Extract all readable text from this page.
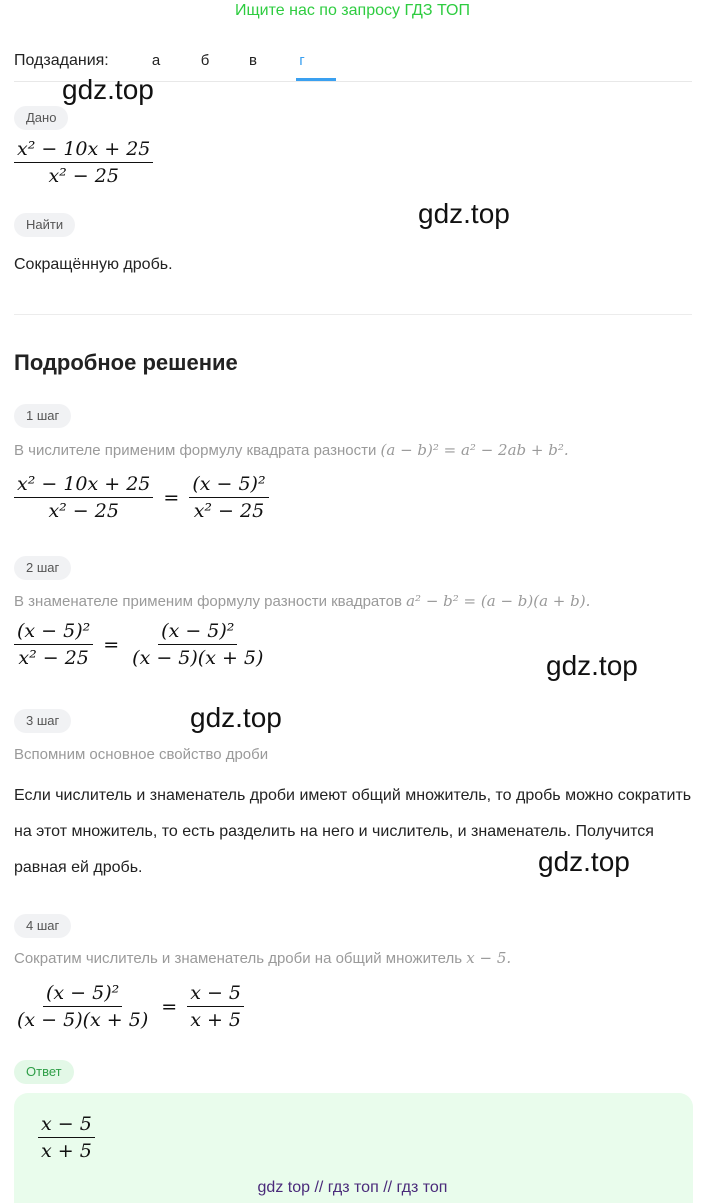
Ищите нас по запросу ГДЗ ТОП
Подзадания:	а	б	в	г
gdz.top
gdz.top
gdz.top
gdz.top
gdz.top
Дано
$\frac{\text{x² − 10x + 25}}{\text{x² − 25}}$
Найти
Сокращённую дробь.
Подробное решение
1 шаг
В числителе применим формулу квадрата разности (a − b)² = a² − 2ab + b².
$\frac{\text{x² − 10x + 25}}{\text{x² − 25}} = \frac{\text{(x − 5)²}}{\text{x² − 25}}$
2 шаг
В знаменателе применим формулу разности квадратов a² − b² = (a − b)(a + b).
$\frac{\text{(x − 5)²}}{\text{x² − 25}} = \frac{\text{(x − 5)²}}{(x - 5)(x + 5)}$
3 шаг
Вспомним основное свойство дроби
Если числитель и знаменатель дроби имеют общий множитель, то дробь можно сократить на этот множитель, то есть разделить на него и числитель, и знаменатель. Получится равная ей дробь.
4 шаг
Сократим числитель и знаменатель дроби на общий множитель x − 5.
$\frac{\text{(x − 5)²}}{(x - 5)(x + 5)} = \frac{x - 5}{x + 5}$
Ответ
$\frac{x - 5}{x + 5}$
gdz top // гдз топ // гдз топ
